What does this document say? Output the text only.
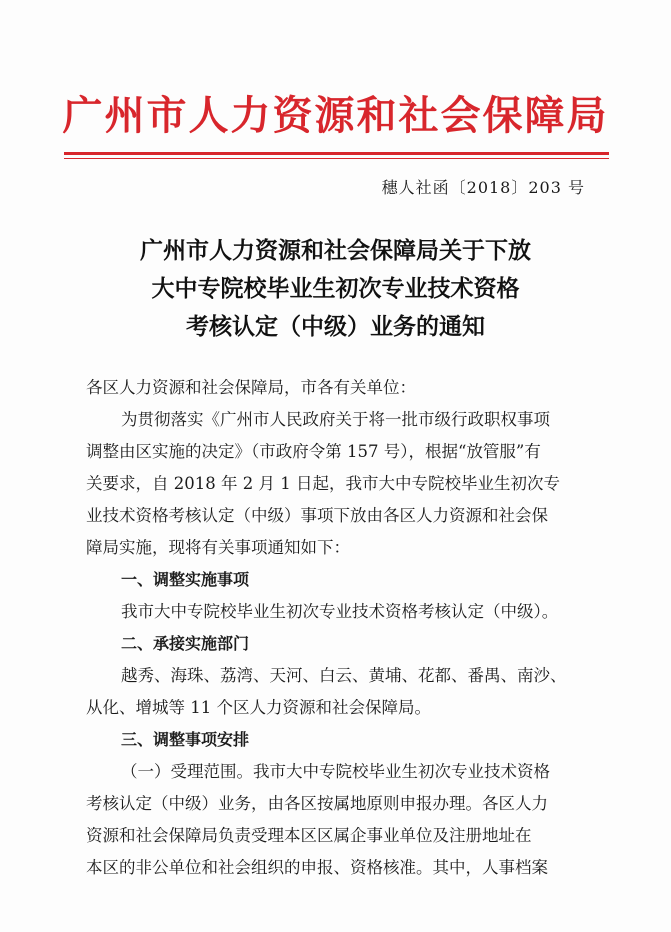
广州市人力资源和社会保障局
穗人社函〔2018〕203 号
广州市人力资源和社会保障局关于下放
大中专院校毕业生初次专业技术资格
考核认定（中级）业务的通知
各区人力资源和社会保障局，市各有关单位：
为贯彻落实《广州市人民政府关于将一批市级行政职权事项
调整由区实施的决定》（市政府令第 157 号），根据“放管服”有
关要求，自 2018 年 2 月 1 日起，我市大中专院校毕业生初次专
业技术资格考核认定（中级）事项下放由各区人力资源和社会保
障局实施，现将有关事项通知如下：
一、调整实施事项
我市大中专院校毕业生初次专业技术资格考核认定（中级）。
二、承接实施部门
越秀、海珠、荔湾、天河、白云、黄埔、花都、番禺、南沙、
从化、增城等 11 个区人力资源和社会保障局。
三、调整事项安排
（一）受理范围。我市大中专院校毕业生初次专业技术资格
考核认定（中级）业务，由各区按属地原则申报办理。各区人力
资源和社会保障局负责受理本区区属企事业单位及注册地址在
本区的非公单位和社会组织的申报、资格核准。其中，人事档案
